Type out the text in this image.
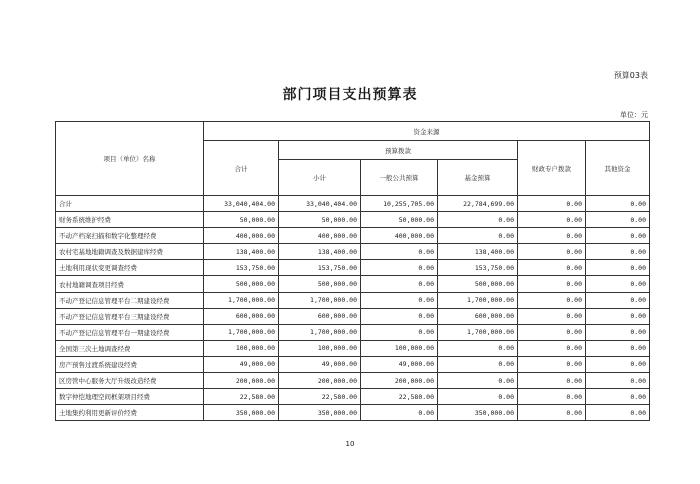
预算03表
部门项目支出预算表
单位：元
项目（单位）名称	资金来源					
	合计	预算拨款			财政专户拨款	其他资金
		小计	一般公共预算	基金预算		
合计	33,040,404.00	33,040,404.00	10,255,705.00	22,784,699.00	0.00	0.00
财务系统维护经费	50,000.00	50,000.00	50,000.00	0.00	0.00	0.00
不动产档案扫描和数字化整理经费	400,000.00	400,000.00	400,000.00	0.00	0.00	0.00
农村宅基地地籍调查及数据建库经费	138,400.00	138,400.00	0.00	138,400.00	0.00	0.00
土地利用现状变更调查经费	153,750.00	153,750.00	0.00	153,750.00	0.00	0.00
农村地籍调查项目经费	500,000.00	500,000.00	0.00	500,000.00	0.00	0.00
不动产登记信息管理平台二期建设经费	1,700,000.00	1,700,000.00	0.00	1,700,000.00	0.00	0.00
不动产登记信息管理平台三期建设经费	600,000.00	600,000.00	0.00	600,000.00	0.00	0.00
不动产登记信息管理平台一期建设经费	1,700,000.00	1,700,000.00	0.00	1,700,000.00	0.00	0.00
全国第三次土地调查经费	100,000.00	100,000.00	100,000.00	0.00	0.00	0.00
房产预售过渡系统建设经费	49,000.00	49,000.00	49,000.00	0.00	0.00	0.00
区房管中心服务大厅升级改造经费	200,000.00	200,000.00	200,000.00	0.00	0.00	0.00
数字仲恺地理空间框架项目经费	22,580.00	22,580.00	22,580.00	0.00	0.00	0.00
土地集约利用更新评价经费	350,000.00	350,000.00	0.00	350,000.00	0.00	0.00
10
